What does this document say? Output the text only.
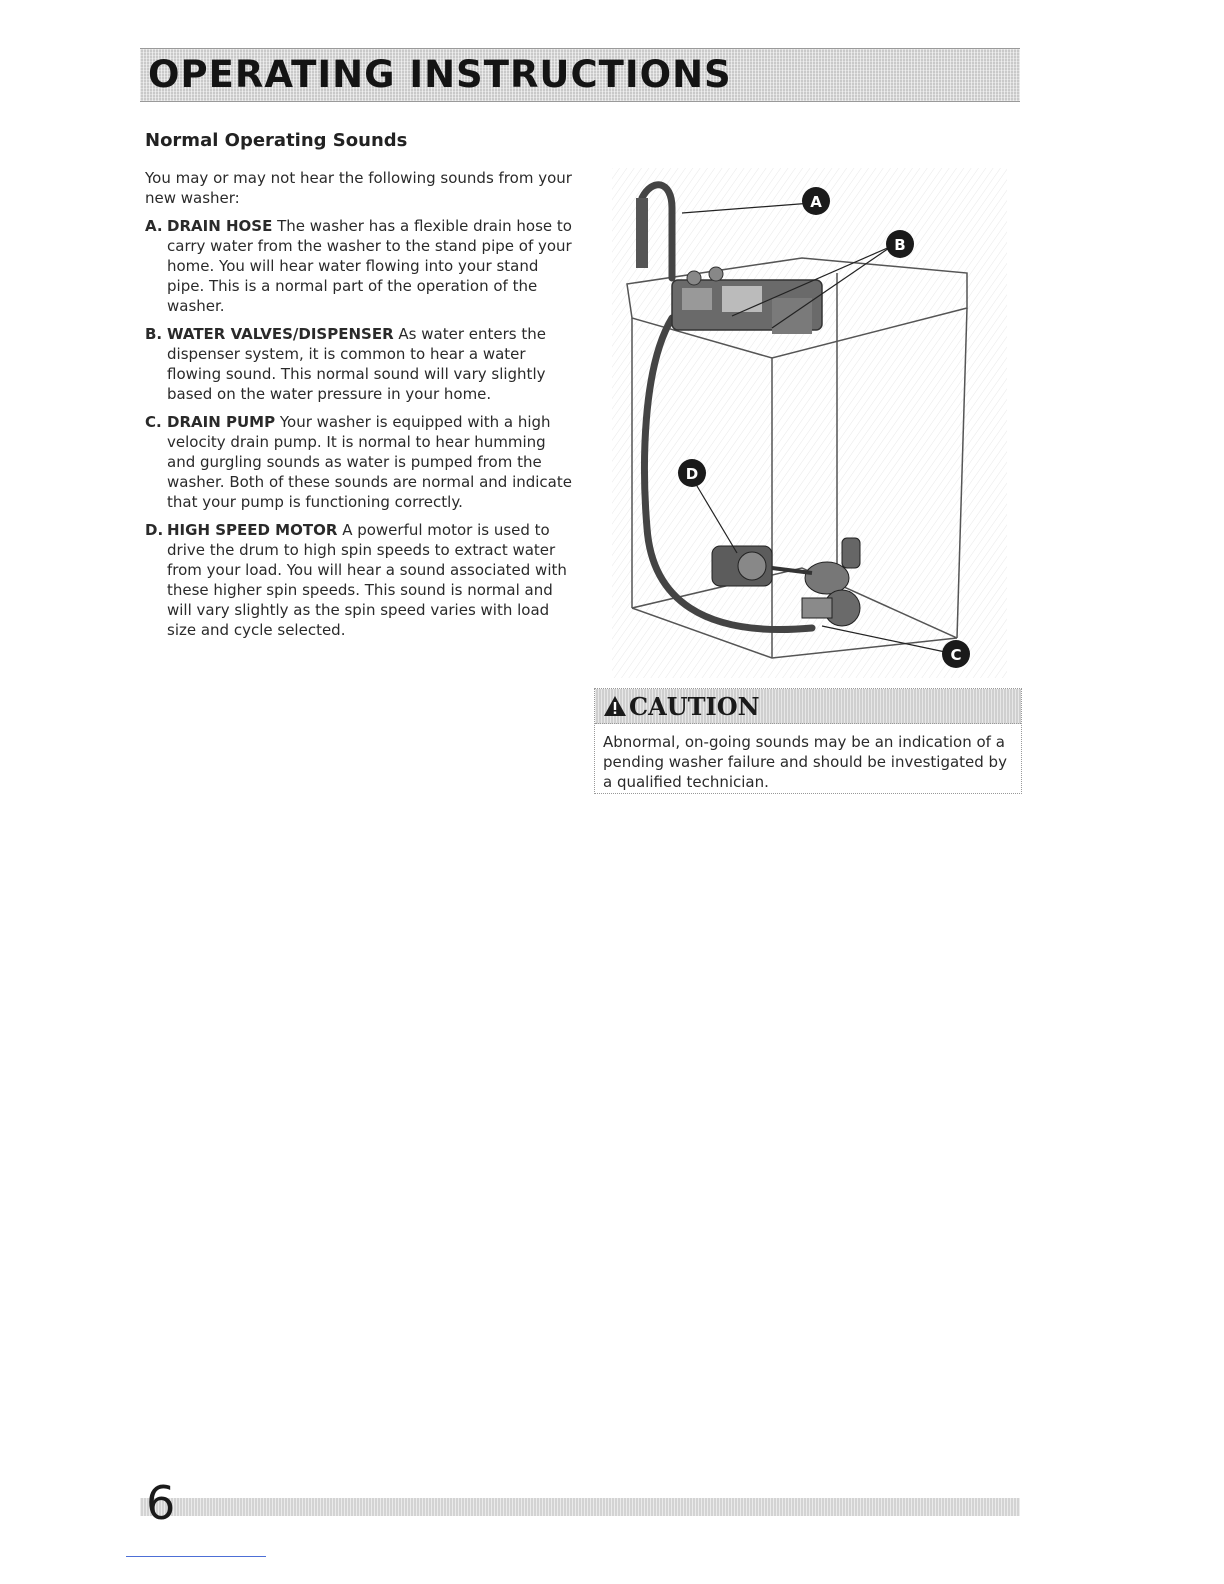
OPERATING INSTRUCTIONS
Normal Operating Sounds

You may or may not hear the following sounds from your new washer:

A. DRAIN HOSE The washer has a flexible drain hose to carry water from the washer to the stand pipe of your home. You will hear water flowing into your stand pipe. This is a normal part of the operation of the washer.
B. WATER VALVES/DISPENSER As water enters the dispenser system, it is common to hear a water flowing sound. This normal sound will vary slightly based on the water pressure in your home.
C. DRAIN PUMP Your washer is equipped with a high velocity drain pump. It is normal to hear humming and gurgling sounds as water is pumped from the washer. Both of these sounds are normal and indicate that your pump is functioning correctly.
D. HIGH SPEED MOTOR A powerful motor is used to drive the drum to high spin speeds to extract water from your load. You will hear a sound associated with these higher spin speeds. This sound is normal and will vary slightly as the spin speed varies with load size and cycle selected.
A
B
C
D
CAUTION

Abnormal, on-going sounds may be an indication of a pending washer failure and should be investigated by a qualified technician.

6
